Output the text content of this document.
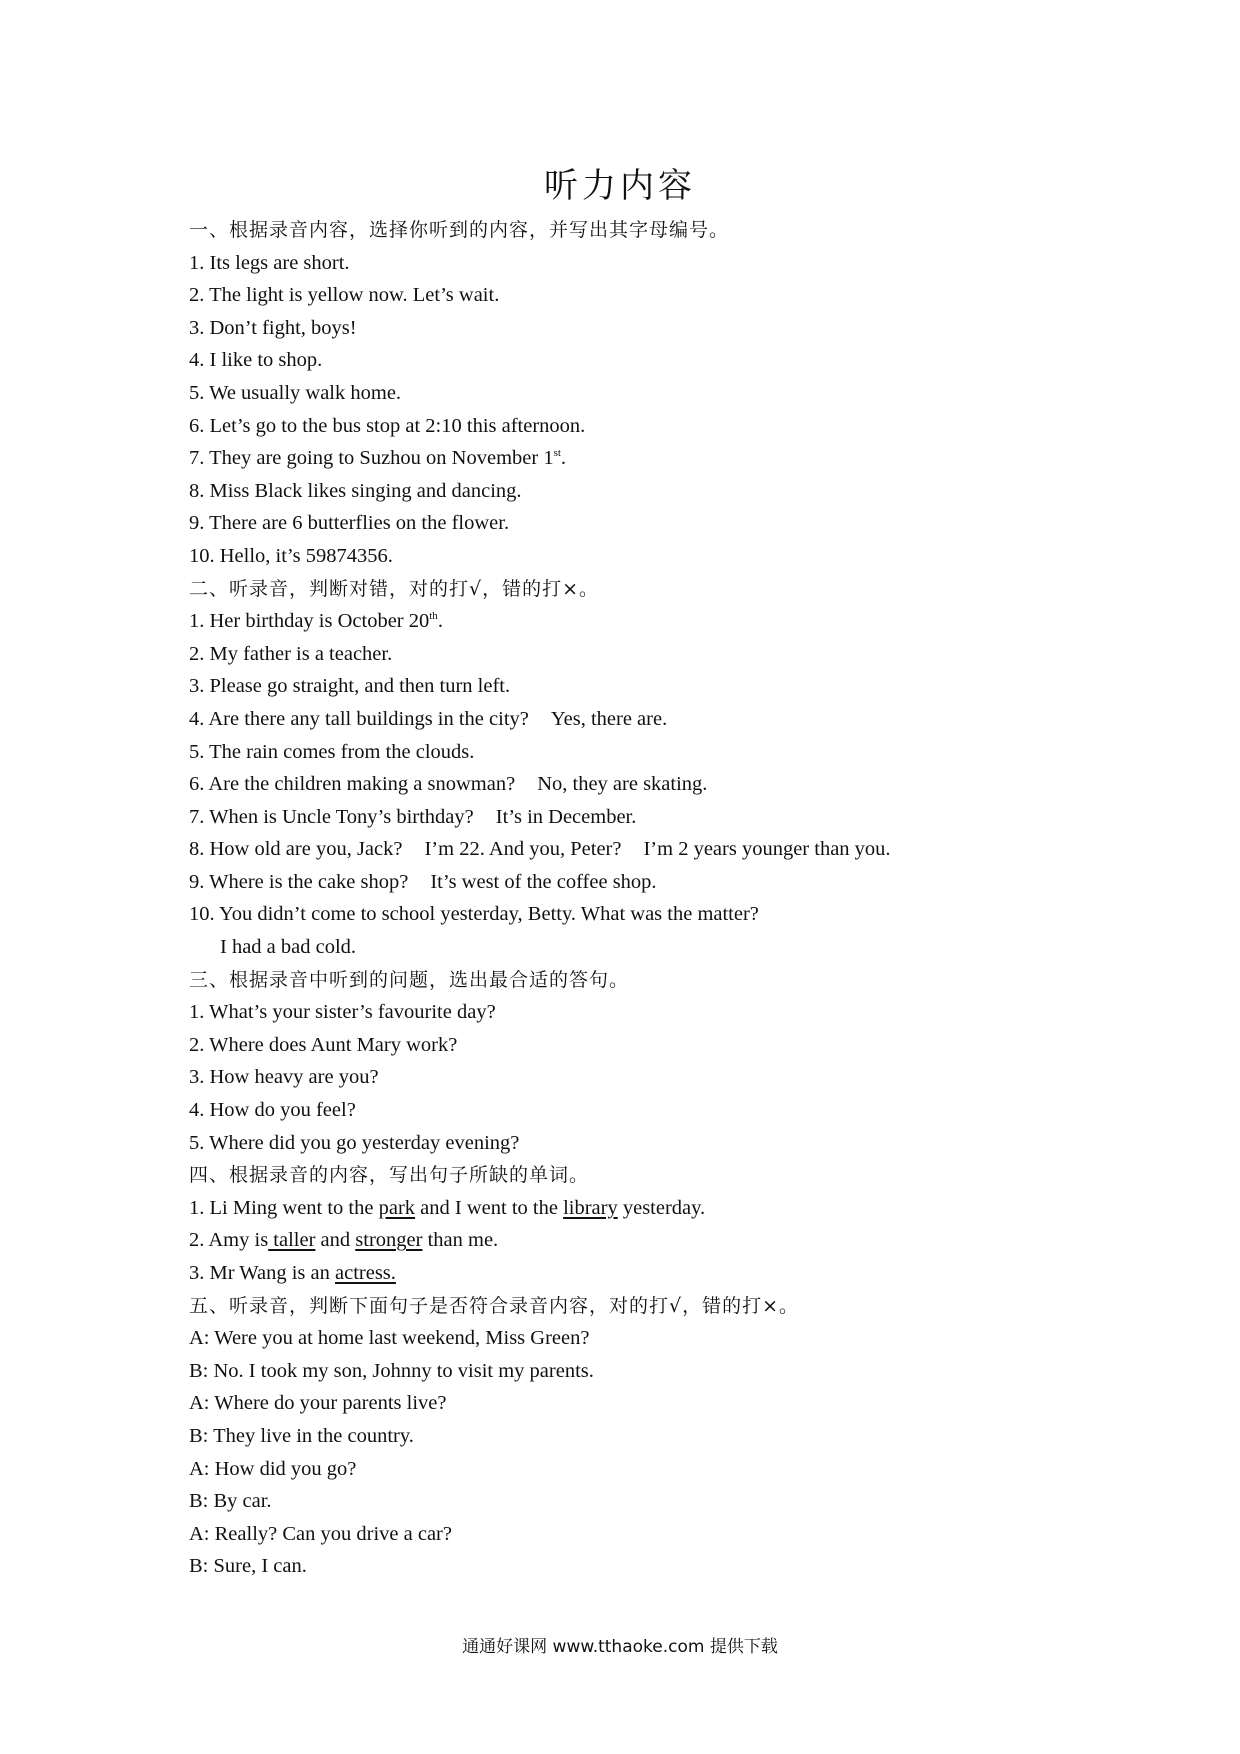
听力内容
一、根据录音内容，选择你听到的内容，并写出其字母编号。
1. Its legs are short.
2. The light is yellow now. Let’s wait.
3. Don’t fight, boys!
4. I like to shop.
5. We usually walk home.
6. Let’s go to the bus stop at 2:10 this afternoon.
7. They are going to Suzhou on November 1st.
8. Miss Black likes singing and dancing.
9. There are 6 butterflies on the flower.
10. Hello, it’s 59874356.
二、听录音，判断对错，对的打√，错的打×。
1. Her birthday is October 20th.
2. My father is a teacher.
3. Please go straight, and then turn left.
4. Are there any tall buildings in the city? Yes, there are.
5. The rain comes from the clouds.
6. Are the children making a snowman? No, they are skating.
7. When is Uncle Tony’s birthday? It’s in December.
8. How old are you, Jack? I’m 22. And you, Peter? I’m 2 years younger than you.
9. Where is the cake shop? It’s west of the coffee shop.
10. You didn’t come to school yesterday, Betty. What was the matter?
I had a bad cold.
三、根据录音中听到的问题，选出最合适的答句。
1. What’s your sister’s favourite day?
2. Where does Aunt Mary work?
3. How heavy are you?
4. How do you feel?
5. Where did you go yesterday evening?
四、根据录音的内容，写出句子所缺的单词。
1. Li Ming went to the park and I went to the library yesterday.
2. Amy is taller and stronger than me.
3. Mr Wang is an actress.
五、听录音，判断下面句子是否符合录音内容，对的打√，错的打×。
A: Were you at home last weekend, Miss Green?
B: No. I took my son, Johnny to visit my parents.
A: Where do your parents live?
B: They live in the country.
A: How did you go?
B: By car.
A: Really? Can you drive a car?
B: Sure, I can.
通通好课网 www.tthaoke.com 提供下载
